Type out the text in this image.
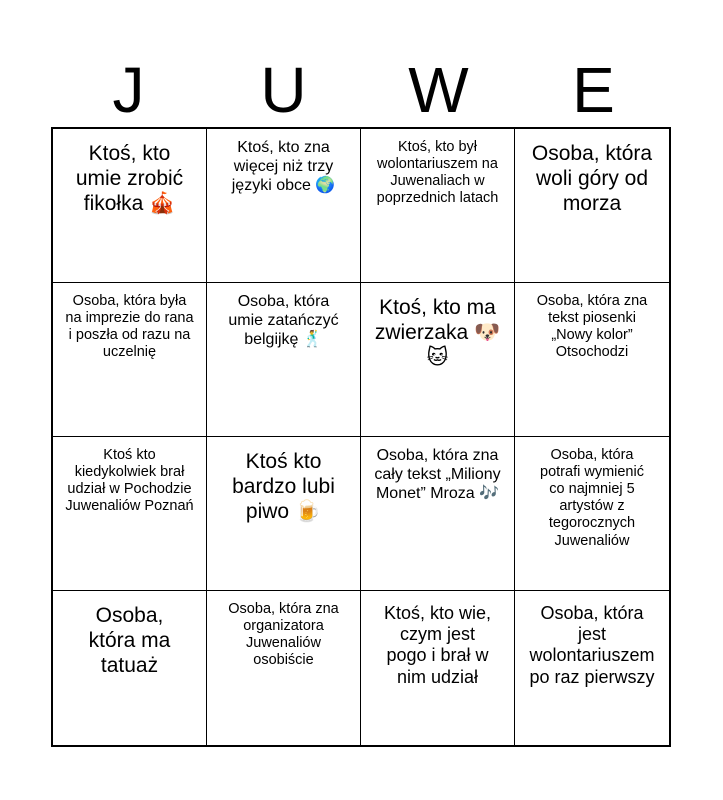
J	U	W	E
Ktoś, kto umie zrobić fikołka 🎪
Ktoś, kto zna więcej niż trzy języki obce 🌍
Ktoś, kto był wolontariuszem na Juwenaliach w poprzednich latach
Osoba, która woli góry od morza
Osoba, która była na imprezie do rana i poszła od razu na uczelnię
Osoba, która umie zatańczyć belgijkę 🕺
Ktoś, kto ma zwierzaka 🐶🐱
Osoba, która zna tekst piosenki „Nowy kolor” Otsochodzi
Ktoś kto kiedykolwiek brał udział w Pochodzie Juwenaliów Poznań
Ktoś kto bardzo lubi piwo 🍺
Osoba, która zna cały tekst „Miliony Monet” Mroza 🎶
Osoba, która potrafi wymienić co najmniej 5 artystów z tegorocznych Juwenaliów
Osoba, która ma tatuaż
Osoba, która zna organizatora Juwenaliów osobiście
Ktoś, kto wie, czym jest pogo i brał w nim udział
Osoba, która jest wolontariuszem po raz pierwszy
